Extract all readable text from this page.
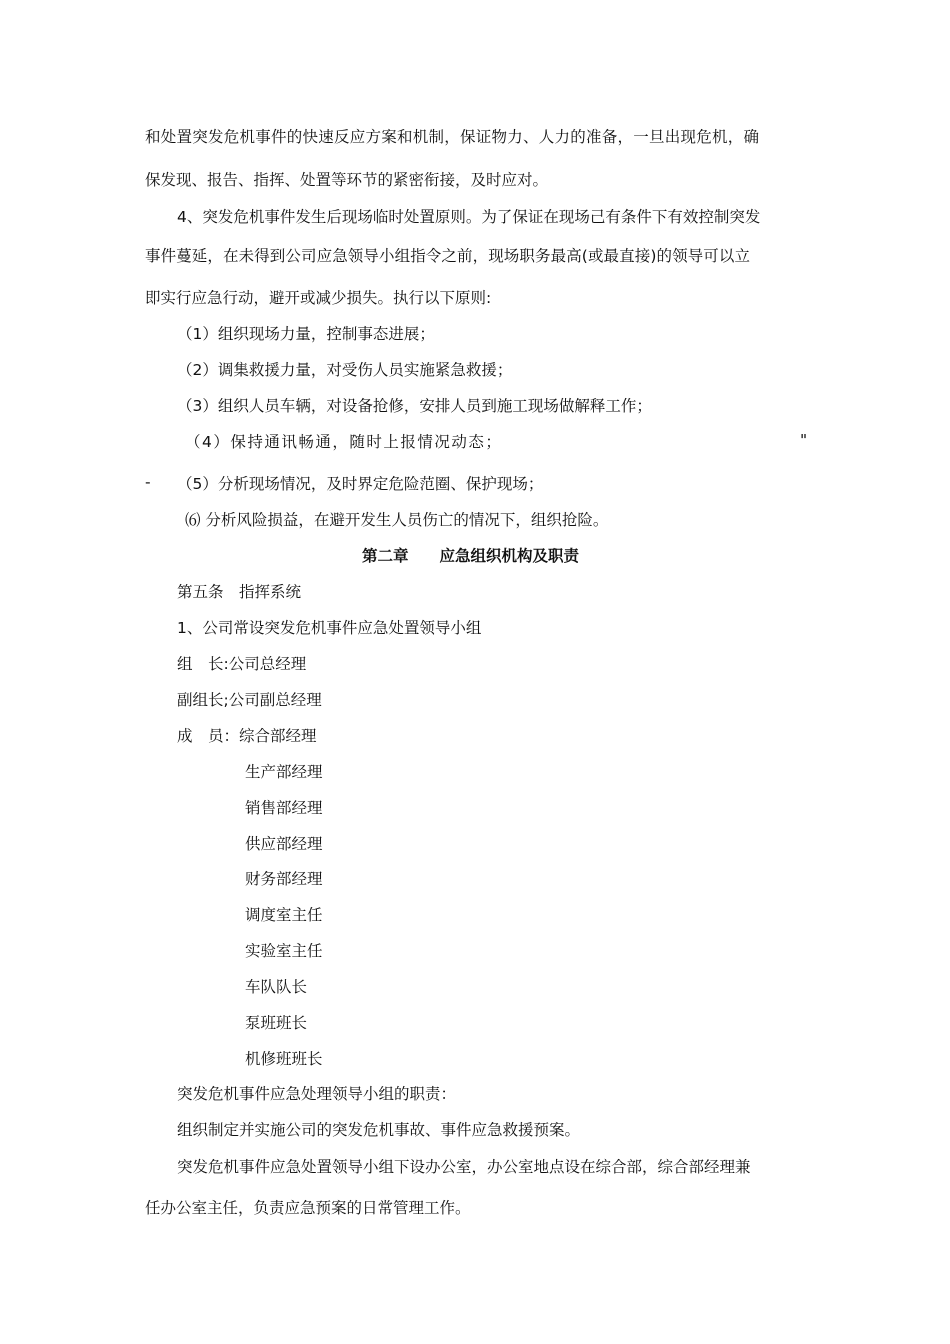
和处置突发危机事件的快速反应方案和机制，保证物力、人力的准备，一旦出现危机，确
保发现、报告、指挥、处置等环节的紧密衔接，及时应对。
4、突发危机事件发生后现场临时处置原则。为了保证在现场己有条件下有效控制突发
事件蔓延，在未得到公司应急领导小组指令之前，现场职务最高(或最直接)的领导可以立
即实行应急行动，避开或减少损失。执行以下原则:
（1）组织现场力量，控制事态进展；
（2）调集救援力量，对受伤人员实施紧急救援；
（3）组织人员车辆，对设备抢修，安排人员到施工现场做解释工作；
（4）保持通讯畅通，随时上报情况动态；	"
- （5）分析现场情况，及时界定危险范圈、保护现场；
⑹ 分析风险损益，在避开发生人员伤亡的情况下，组织抢险。
第二章　　应急组织机构及职责
第五条　指挥系统
1、公司常设突发危机事件应急处置领导小组
组　长:公司总经理
副组长;公司副总经理
成　员：综合部经理
生产部经理
销售部经理
供应部经理
财务部经理
调度室主任
实验室主任
车队队长
泵班班长
机修班班长
突发危机事件应急处理领导小组的职责：
组织制定并实施公司的突发危机事故、事件应急救援预案。
突发危机事件应急处置领导小组下设办公室，办公室地点设在综合部，综合部经理兼
任办公室主任，负责应急预案的日常管理工作。
